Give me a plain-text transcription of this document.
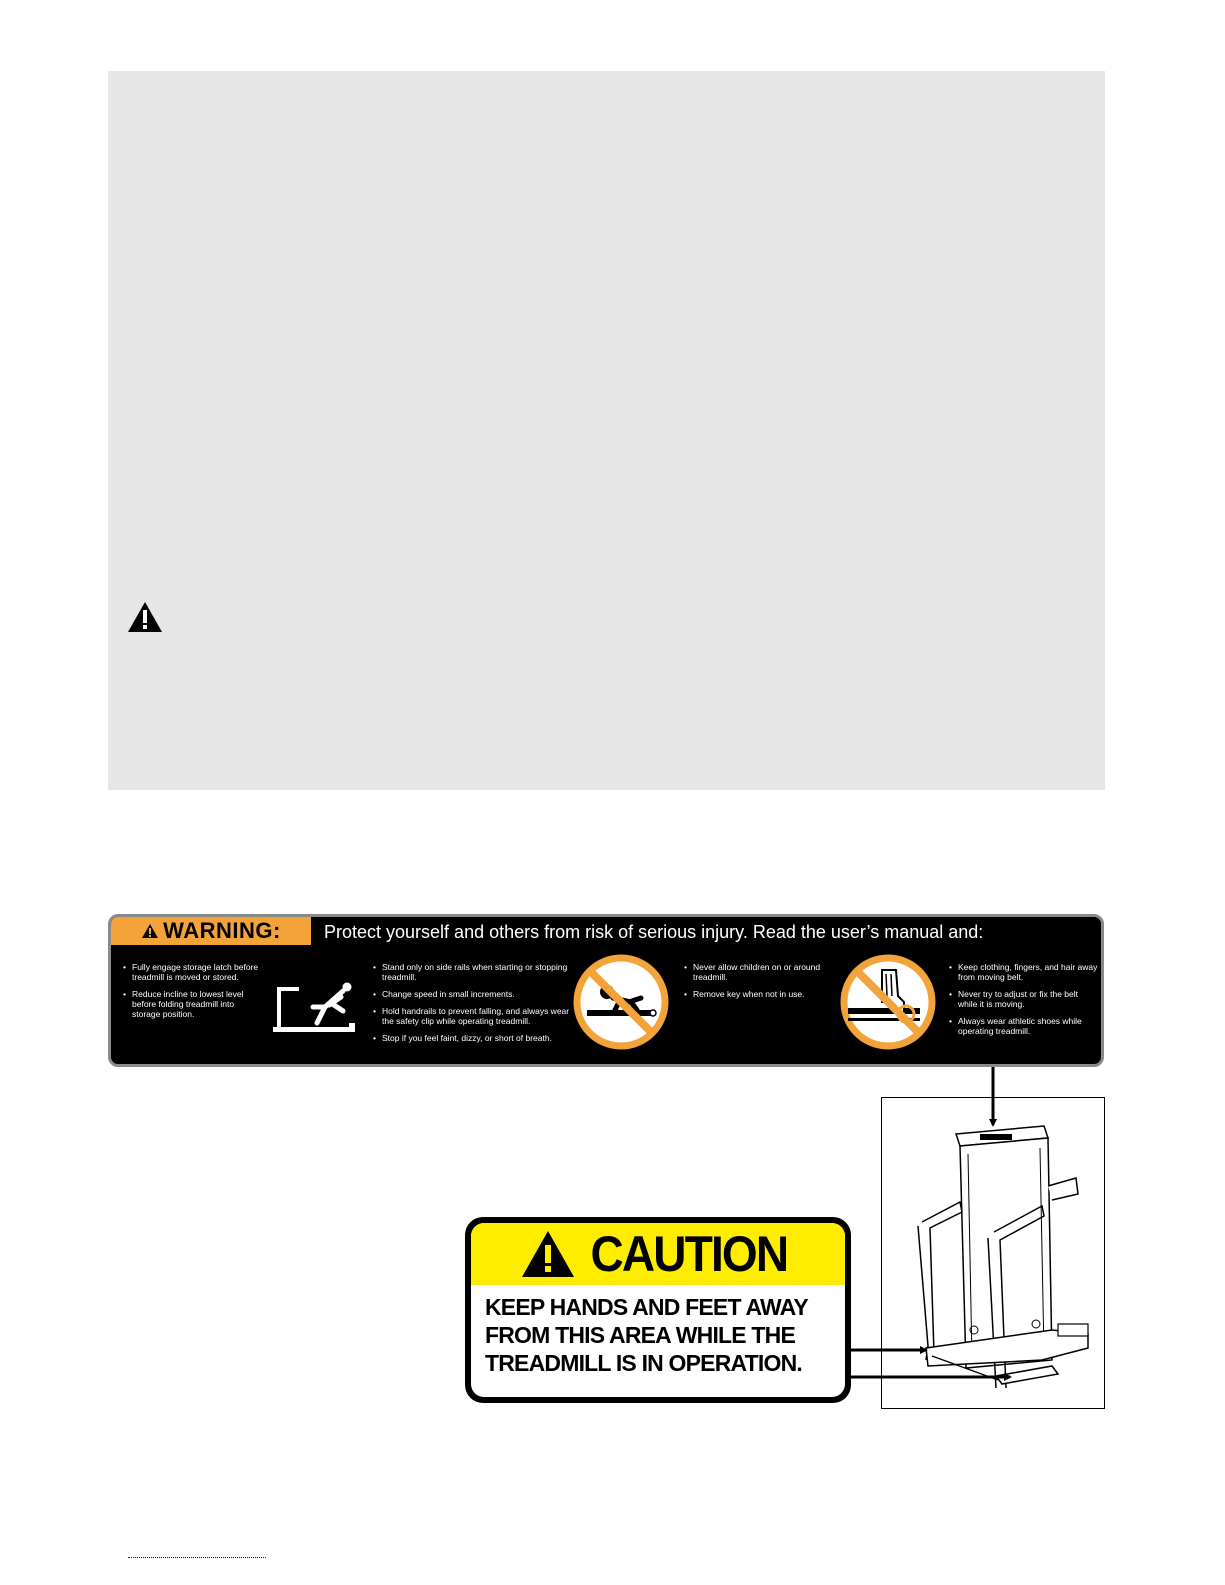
WARNING: Protect yourself and others from risk of serious injury. Read the user’s manual and:
• Fully engage storage latch before treadmill is moved or stored.
• Reduce incline to lowest level before folding treadmill into storage position.
• Stand only on side rails when starting or stopping treadmill.
• Change speed in small increments.
• Hold handrails to prevent falling, and always wear the safety clip while operating treadmill.
• Stop if you feel faint, dizzy, or short of breath.
• Never allow children on or around treadmill.
• Remove key when not in use.
• Keep clothing, fingers, and hair away from moving belt.
• Never try to adjust or fix the belt while it is moving.
• Always wear athletic shoes while operating treadmill.
CAUTION
KEEP HANDS AND FEET AWAY
FROM THIS AREA WHILE THE
TREADMILL IS IN OPERATION.
